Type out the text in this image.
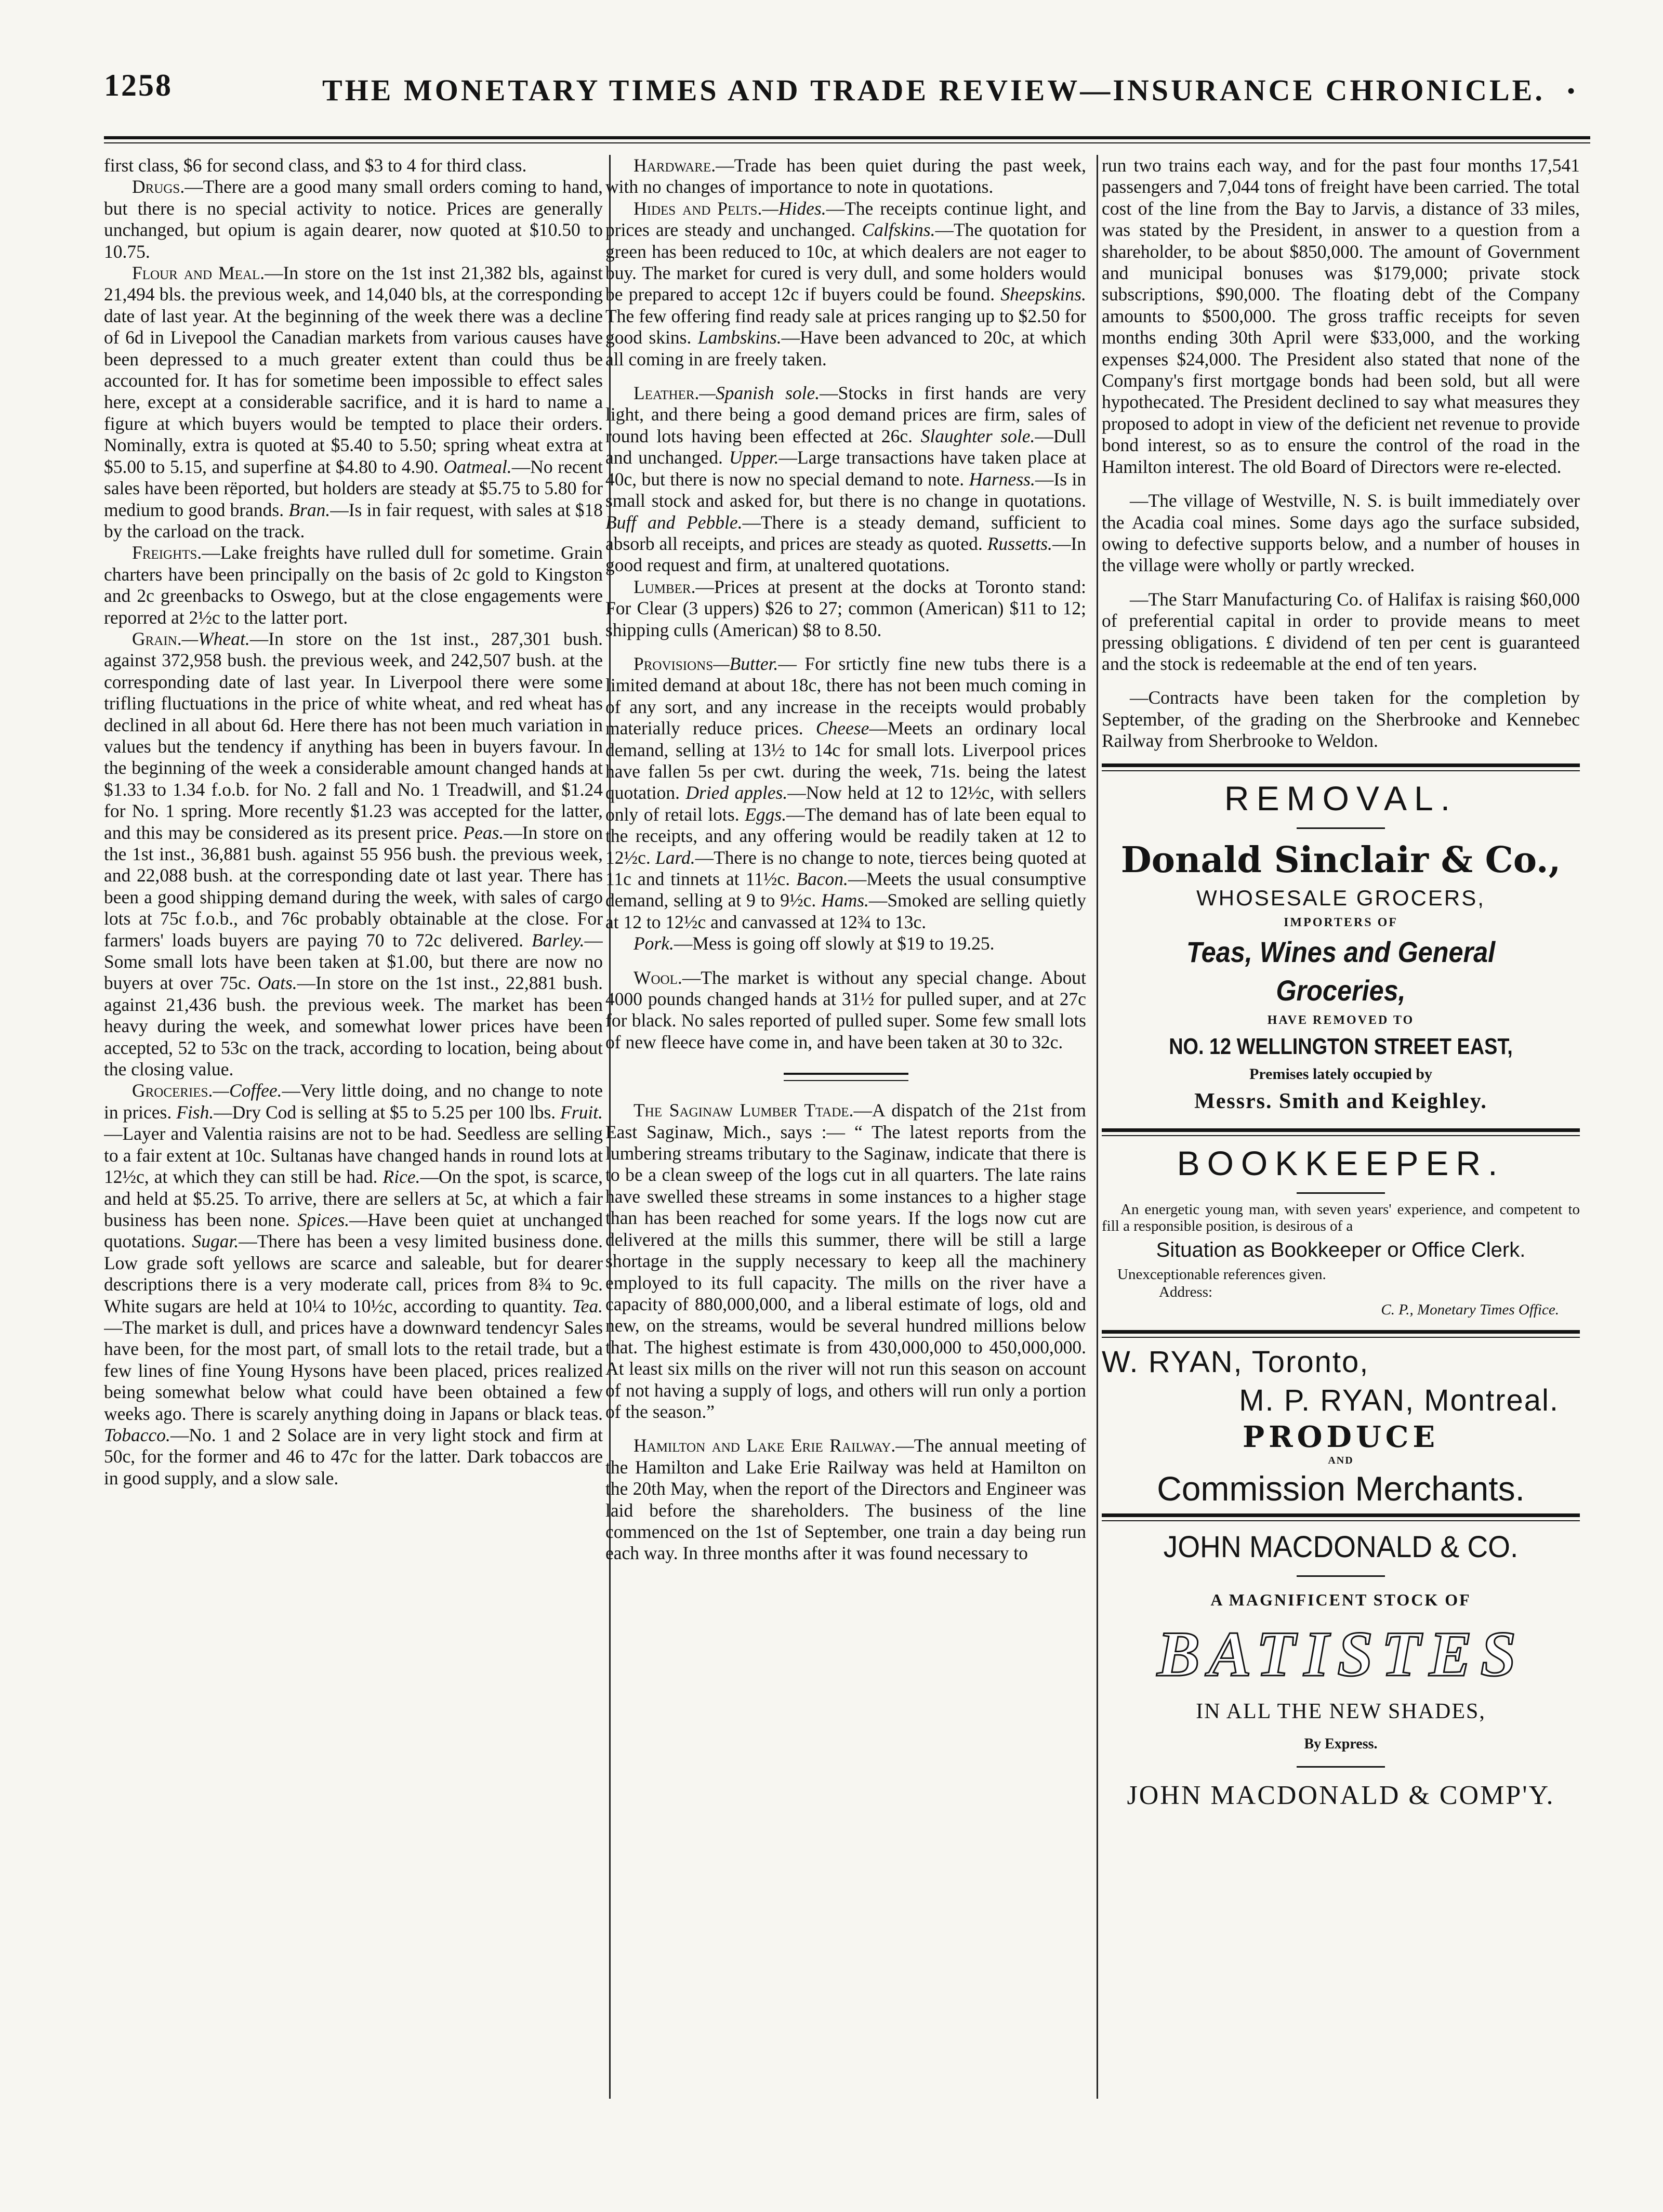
1258	THE MONETARY TIMES AND TRADE REVIEW—INSURANCE CHRONICLE. •

first class, $6 for second class, and $3 to 4 for third class.

Drugs.—There are a good many small orders coming to hand, but there is no special activity to notice. Prices are generally unchanged, but opium is again dearer, now quoted at $10.50 to 10.75.

Flour and Meal.—In store on the 1st inst 21,382 bls, against 21,494 bls. the previous week, and 14,040 bls, at the corresponding date of last year. At the beginning of the week there was a decline of 6d in Livepool the Canadian markets from various causes have been depressed to a much greater extent than could thus be accounted for. It has for sometime been impossible to effect sales here, except at a considerable sacrifice, and it is hard to name a figure at which buyers would be tempted to place their orders. Nominally, extra is quoted at $5.40 to 5.50; spring wheat extra at $5.00 to 5.15, and superfine at $4.80 to 4.90. Oatmeal.—No recent sales have been rëported, but holders are steady at $5.75 to 5.80 for medium to good brands. Bran.—Is in fair request, with sales at $18 by the carload on the track.

Freights.—Lake freights have rulled dull for sometime. Grain charters have been principally on the basis of 2c gold to Kingston and 2c greenbacks to Oswego, but at the close engagements were reporred at 2½c to the latter port.

Grain.—Wheat.—In store on the 1st inst., 287,301 bush. against 372,958 bush. the previous week, and 242,507 bush. at the corresponding date of last year. In Liverpool there were some trifling fluctuations in the price of white wheat, and red wheat has declined in all about 6d. Here there has not been much variation in values but the tendency if anything has been in buyers favour. In the beginning of the week a considerable amount changed hands at $1.33 to 1.34 f.o.b. for No. 2 fall and No. 1 Treadwill, and $1.24 for No. 1 spring. More recently $1.23 was accepted for the latter, and this may be considered as its present price. Peas.—In store on the 1st inst., 36,881 bush. against 55 956 bush. the previous week, and 22,088 bush. at the corresponding date ot last year. There has been a good shipping demand during the week, with sales of cargo lots at 75c f.o.b., and 76c probably obtainable at the close. For farmers' loads buyers are paying 70 to 72c delivered. Barley.—Some small lots have been taken at $1.00, but there are now no buyers at over 75c. Oats.—In store on the 1st inst., 22,881 bush. against 21,436 bush. the previous week. The market has been heavy during the week, and somewhat lower prices have been accepted, 52 to 53c on the track, according to location, being about the closing value.

Groceries.—Coffee.—Very little doing, and no change to note in prices. Fish.—Dry Cod is selling at $5 to 5.25 per 100 lbs. Fruit.—Layer and Valentia raisins are not to be had. Seedless are selling to a fair extent at 10c. Sultanas have changed hands in round lots at 12½c, at which they can still be had. Rice.—On the spot, is scarce, and held at $5.25. To arrive, there are sellers at 5c, at which a fair business has been none. Spices.—Have been quiet at unchanged quotations. Sugar.—There has been a vesy limited business done. Low grade soft yellows are scarce and saleable, but for dearer descriptions there is a very moderate call, prices from 8¾ to 9c. White sugars are held at 10¼ to 10½c, according to quantity. Tea.—The market is dull, and prices have a downward tendencyr Sales have been, for the most part, of small lots to the retail trade, but a few lines of fine Young Hysons have been placed, prices realized being somewhat below what could have been obtained a few weeks ago. There is scarely anything doing in Japans or black teas. Tobacco.—No. 1 and 2 Solace are in very light stock and firm at 50c, for the former and 46 to 47c for the latter. Dark tobaccos are in good supply, and a slow sale.

Hardware.—Trade has been quiet during the past week, with no changes of importance to note in quotations.

Hides and Pelts.—Hides.—The receipts continue light, and prices are steady and unchanged. Calfskins.—The quotation for green has been reduced to 10c, at which dealers are not eager to buy. The market for cured is very dull, and some holders would be prepared to accept 12c if buyers could be found. Sheepskins. The few offering find ready sale at prices ranging up to $2.50 for good skins. Lambskins.—Have been advanced to 20c, at which all coming in are freely taken.

Leather.—Spanish sole.—Stocks in first hands are very light, and there being a good demand prices are firm, sales of round lots having been effected at 26c. Slaughter sole.—Dull and unchanged. Upper.—Large transactions have taken place at 40c, but there is now no special demand to note. Harness.—Is in small stock and asked for, but there is no change in quotations. Buff and Pebble.—There is a steady demand, sufficient to absorb all receipts, and prices are steady as quoted. Russetts.—In good request and firm, at unaltered quotations.

Lumber.—Prices at present at the docks at Toronto stand: For Clear (3 uppers) $26 to 27; common (American) $11 to 12; shipping culls (American) $8 to 8.50.

Provisions—Butter.— For srtictly fine new tubs there is a limited demand at about 18c, there has not been much coming in of any sort, and any increase in the receipts would probably materially reduce prices. Cheese—Meets an ordinary local demand, selling at 13½ to 14c for small lots. Liverpool prices have fallen 5s per cwt. during the week, 71s. being the latest quotation. Dried apples.—Now held at 12 to 12½c, with sellers only of retail lots. Eggs.—The demand has of late been equal to the receipts, and any offering would be readily taken at 12 to 12½c. Lard.—There is no change to note, tierces being quoted at 11c and tinnets at 11½c. Bacon.—Meets the usual consumptive demand, selling at 9 to 9½c. Hams.—Smoked are selling quietly at 12 to 12½c and canvassed at 12¾ to 13c.

Pork.—Mess is going off slowly at $19 to 19.25.

Wool.—The market is without any special change. About 4000 pounds changed hands at 31½ for pulled super, and at 27c for black. No sales reported of pulled super. Some few small lots of new fleece have come in, and have been taken at 30 to 32c.

The Saginaw Lumber Ttade.—A dispatch of the 21st from East Saginaw, Mich., says :— “ The latest reports from the lumbering streams tributary to the Saginaw, indicate that there is to be a clean sweep of the logs cut in all quarters. The late rains have swelled these streams in some instances to a higher stage than has been reached for some years. If the logs now cut are delivered at the mills this summer, there will be still a large shortage in the supply necessary to keep all the machinery employed to its full capacity. The mills on the river have a capacity of 880,000,000, and a liberal estimate of logs, old and new, on the streams, would be several hundred millions below that. The highest estimate is from 430,000,000 to 450,000,000. At least six mills on the river will not run this season on account of not having a supply of logs, and others will run only a portion of the season.”

Hamilton and Lake Erie Railway.—The annual meeting of the Hamilton and Lake Erie Railway was held at Hamilton on the 20th May, when the report of the Directors and Engineer was laid before the shareholders. The business of the line commenced on the 1st of September, one train a day being run each way. In three months after it was found necessary to

run two trains each way, and for the past four months 17,541 passengers and 7,044 tons of freight have been carried. The total cost of the line from the Bay to Jarvis, a distance of 33 miles, was stated by the President, in answer to a question from a shareholder, to be about $850,000. The amount of Government and municipal bonuses was $179,000; private stock subscriptions, $90,000. The floating debt of the Company amounts to $500,000. The gross traffic receipts for seven months ending 30th April were $33,000, and the working expenses $24,000. The President also stated that none of the Company's first mortgage bonds had been sold, but all were hypothecated. The President declined to say what measures they proposed to adopt in view of the deficient net revenue to provide bond interest, so as to ensure the control of the road in the Hamilton interest. The old Board of Directors were re-elected.

—The village of Westville, N. S. is built immediately over the Acadia coal mines. Some days ago the surface subsided, owing to defective supports below, and a number of houses in the village were wholly or partly wrecked.

—The Starr Manufacturing Co. of Halifax is raising $60,000 of preferential capital in order to provide means to meet pressing obligations. £ dividend of ten per cent is guaranteed and the stock is redeemable at the end of ten years.

—Contracts have been taken for the completion by September, of the grading on the Sherbrooke and Kennebec Railway from Sherbrooke to Weldon.

REMOVAL.
Donald Sinclair & Co.,
WHOSESALE GROCERS,
IMPORTERS OF
Teas, Wines and General Groceries,
HAVE REMOVED TO
NO. 12 WELLINGTON STREET EAST,
Premises lately occupied by
Messrs. Smith and Keighley.
BOOKKEEPER.
An energetic young man, with seven years' experience, and competent to fill a responsible position, is desirous of a
Situation as Bookkeeper or Office Clerk.
Unexceptionable references given.
Address:
C. P., Monetary Times Office.
W. RYAN, Toronto,
M. P. RYAN, Montreal.
PRODUCE
AND
Commission Merchants.
JOHN MACDONALD & CO.
A MAGNIFICENT STOCK OF
BATISTES
IN ALL THE NEW SHADES,
By Express.
JOHN MACDONALD & COMP'Y.
